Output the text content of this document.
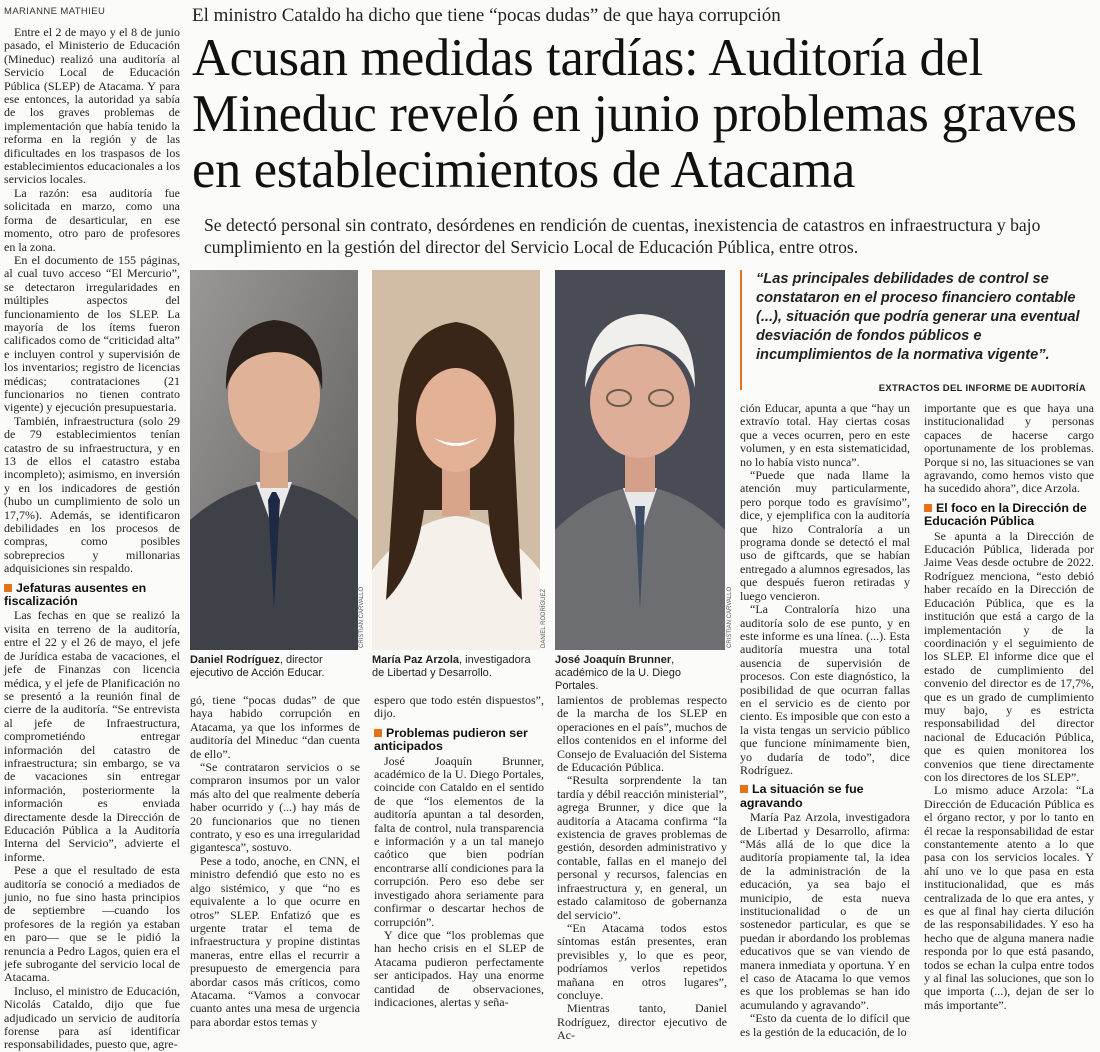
MARIANNE MATHIEU	El ministro Cataldo ha dicho que tiene “pocas dudas” de que haya corrupción
Acusan medidas tardías: Auditoría del Mineduc reveló en junio problemas graves en establecimientos de Atacama
Se detectó personal sin contrato, desórdenes en rendición de cuentas, inexistencia de catastros en infraestructura y bajo cumplimiento en la gestión del director del Servicio Local de Educación Pública, entre otros.

Entre el 2 de mayo y el 8 de junio pasado, el Ministerio de Educación (Mineduc) realizó una auditoría al Servicio Local de Educación Pública (SLEP) de Atacama. Y para ese entonces, la autoridad ya sabía de los graves problemas de implementación que había tenido la reforma en la región y de las dificultades en los traspasos de los establecimientos educacionales a los servicios locales.

La razón: esa auditoría fue solicitada en marzo, como una forma de desarticular, en ese momento, otro paro de profesores en la zona.

En el documento de 155 páginas, al cual tuvo acceso “El Mercurio”, se detectaron irregularidades en múltiples aspectos del funcionamiento de los SLEP. La mayoría de los ítems fueron calificados como de “criticidad alta” e incluyen control y supervisión de los inventarios; registro de licencias médicas; contrataciones (21 funcionarios no tienen contrato vigente) y ejecución presupuestaria.

También, infraestructura (solo 29 de 79 establecimientos tenían catastro de su infraestructura, y en 13 de ellos el catastro estaba incompleto); asimismo, en inversión y en los indicadores de gestión (hubo un cumplimiento de solo un 17,7%). Además, se identificaron debilidades en los procesos de compras, como posibles sobreprecios y millonarias adquisiciones sin respaldo.

Jefaturas ausentes en fiscalización

Las fechas en que se realizó la visita en terreno de la auditoría, entre el 22 y el 26 de mayo, el jefe de Jurídica estaba de vacaciones, el jefe de Finanzas con licencia médica, y el jefe de Planificación no se presentó a la reunión final de cierre de la auditoría. “Se entrevista al jefe de Infraestructura, comprometiéndo entregar información del catastro de infraestructura; sin embargo, se va de vacaciones sin entregar información, posteriormente la información es enviada directamente desde la Dirección de Educación Pública a la Auditoría Interna del Servicio”, advierte el informe.

Pese a que el resultado de esta auditoría se conoció a mediados de junio, no fue sino hasta principios de septiembre —cuando los profesores de la región ya estaban en paro— que se le pidió la renuncia a Pedro Lagos, quien era el jefe subrogante del servicio local de Atacama.

Incluso, el ministro de Educación, Nicolás Cataldo, dijo que fue adjudicado un servicio de auditoría forense para así identificar responsabilidades, puesto que, agre-

CRISTIAN CARVALLO	DANIEL RODRÍGUEZ	CRISTIAN CARVALLO
Daniel Rodríguez, director ejecutivo de Acción Educar.
María Paz Arzola, investigadora de Libertad y Desarrollo.
José Joaquín Brunner, académico de la U. Diego Portales.
“Las principales debilidades de control se constataron en el proceso financiero contable (...), situación que podría generar una eventual desviación de fondos públicos e incumplimientos de la normativa vigente”.
EXTRACTOS DEL INFORME DE AUDITORÍA

gó, tiene “pocas dudas” de que haya habido corrupción en Atacama, ya que los informes de auditoría del Mineduc “dan cuenta de ello”.

“Se contrataron servicios o se compraron insumos por un valor más alto del que realmente debería haber ocurrido y (...) hay más de 20 funcionarios que no tienen contrato, y eso es una irregularidad gigantesca”, sostuvo.

Pese a todo, anoche, en CNN, el ministro defendió que esto no es algo sistémico, y que “no es equivalente a lo que ocurre en otros” SLEP. Enfatizó que es urgente tratar el tema de infraestructura y propine distintas maneras, entre ellas el recurrir a presupuesto de emergencia para abordar casos más críticos, como Atacama. “Vamos a convocar cuanto antes una mesa de urgencia para abordar estos temas y

espero que todo estén dispuestos”, dijo.

Problemas pudieron ser anticipados

José Joaquín Brunner, académico de la U. Diego Portales, coincide con Cataldo en el sentido de que “los elementos de la auditoría apuntan a tal desorden, falta de control, nula transparencia e información y a un tal manejo caótico que bien podrían encontrarse allí condiciones para la corrupción. Pero eso debe ser investigado ahora seriamente para confirmar o descartar hechos de corrupción”.

Y dice que “los problemas que han hecho crisis en el SLEP de Atacama pudieron perfectamente ser anticipados. Hay una enorme cantidad de observaciones, indicaciones, alertas y seña-

lamientos de problemas respecto de la marcha de los SLEP en operaciones en el país”, muchos de ellos contenidos en el informe del Consejo de Evaluación del Sistema de Educación Pública.

“Resulta sorprendente la tan tardía y débil reacción ministerial”, agrega Brunner, y dice que la auditoría a Atacama confirma “la existencia de graves problemas de gestión, desorden administrativo y contable, fallas en el manejo del personal y recursos, falencias en infraestructura y, en general, un estado calamitoso de gobernanza del servicio”.

“En Atacama todos estos síntomas están presentes, eran previsibles y, lo que es peor, podríamos verlos repetidos mañana en otros lugares”, concluye.

Mientras tanto, Daniel Rodríguez, director ejecutivo de Ac-

ción Educar, apunta a que “hay un extravío total. Hay ciertas cosas que a veces ocurren, pero en este volumen, y en esta sistematicidad, no lo había visto nunca”.

“Puede que nada llame la atención muy particularmente, pero porque todo es gravísimo”, dice, y ejemplifica con la auditoría que hizo Contraloría a un programa donde se detectó el mal uso de giftcards, que se habían entregado a alumnos egresados, las que después fueron retiradas y luego vencieron.

“La Contraloría hizo una auditoría solo de ese punto, y en este informe es una línea. (...). Esta auditoría muestra una total ausencia de supervisión de procesos. Con este diagnóstico, la posibilidad de que ocurran fallas en el servicio es de ciento por ciento. Es imposible que con esto a la vista tengas un servicio público que funcione mínimamente bien, yo dudaría de todo”, dice Rodríguez.

La situación se fue agravando

María Paz Arzola, investigadora de Libertad y Desarrollo, afirma: “Más allá de lo que dice la auditoría propiamente tal, la idea de la administración de la educación, ya sea bajo el municipio, de esta nueva institucionalidad o de un sostenedor particular, es que se puedan ir abordando los problemas educativos que se van viendo de manera inmediata y oportuna. Y en el caso de Atacama lo que vemos es que los problemas se han ido acumulando y agravando”.

“Esto da cuenta de lo difícil que es la gestión de la educación, de lo

importante que es que haya una institucionalidad y personas capaces de hacerse cargo oportunamente de los problemas. Porque si no, las situaciones se van agravando, como hemos visto que ha sucedido ahora”, dice Arzola.

El foco en la Dirección de Educación Pública

Se apunta a la Dirección de Educación Pública, liderada por Jaime Veas desde octubre de 2022. Rodríguez menciona, “esto debió haber recaído en la Dirección de Educación Pública, que es la institución que está a cargo de la implementación y de la coordinación y el seguimiento de los SLEP. El informe dice que el estado de cumplimiento del convenio del director es de 17,7%, que es un grado de cumplimiento muy bajo, y es estricta responsabilidad del director nacional de Educación Pública, que es quien monitorea los convenios que tiene directamente con los directores de los SLEP”.

Lo mismo aduce Arzola: “La Dirección de Educación Pública es el órgano rector, y por lo tanto en él recae la responsabilidad de estar constantemente atento a lo que pasa con los servicios locales. Y ahí uno ve lo que pasa en esta institucionalidad, que es más centralizada de lo que era antes, y es que al final hay cierta dilución de las responsabilidades. Y eso ha hecho que de alguna manera nadie responda por lo que está pasando, todos se echan la culpa entre todos y al final las soluciones, que son lo que importa (...), dejan de ser lo más importante”.
